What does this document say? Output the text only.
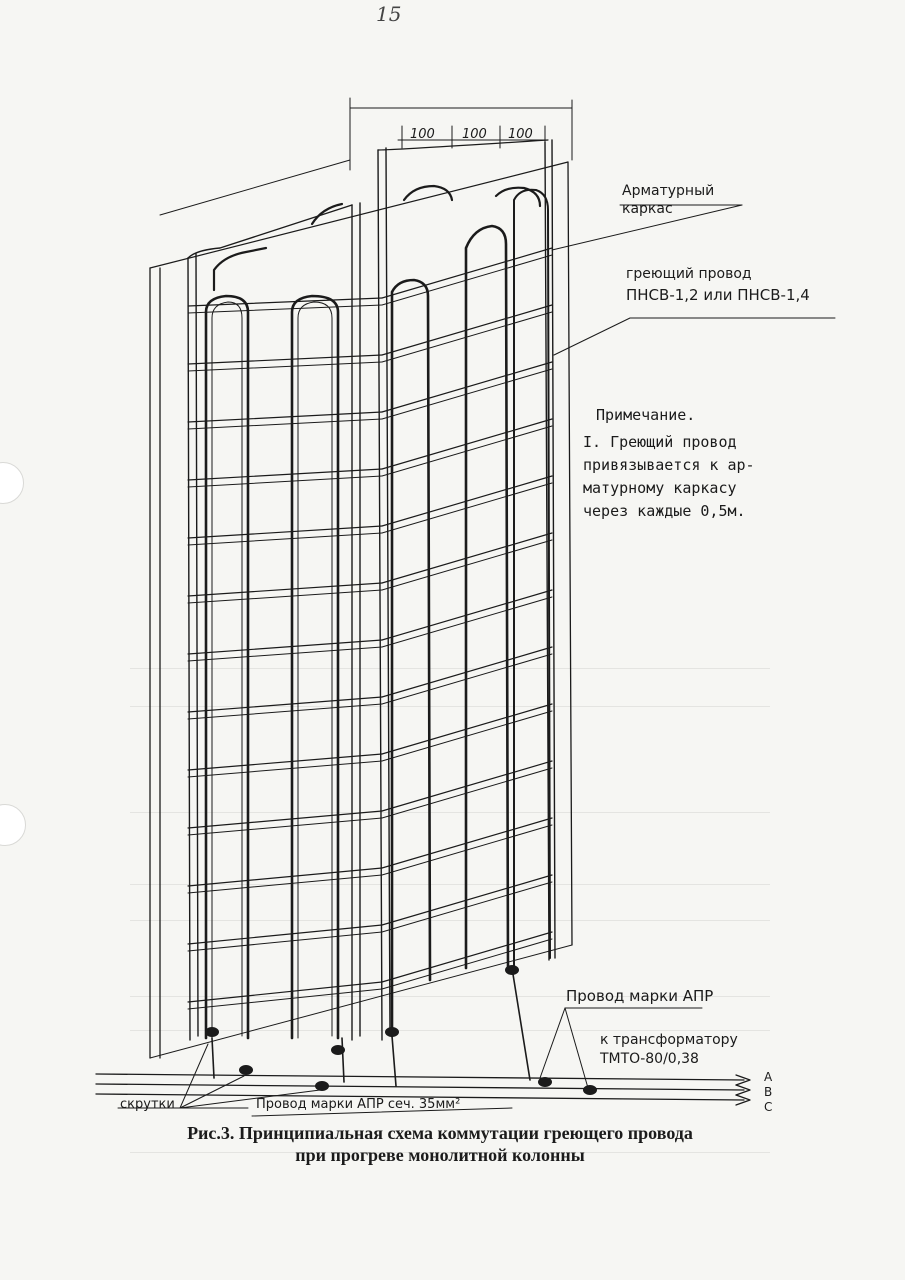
15
100 100 100
Арматурный
каркас
греющий провод
ПНСВ-1,2 или ПНСВ-1,4
Примечание.
I. Греющий провод
привязывается к ар-
матурному каркасу
через каждые 0,5м.
Провод марки АПР
к трансформатору
ТМТО-80/0,38
скрутки	Провод марки АПР сеч. 35мм²
А
В
С
Рис.3. Принципиальная схема коммутации греющего провода
при прогреве монолитной колонны
